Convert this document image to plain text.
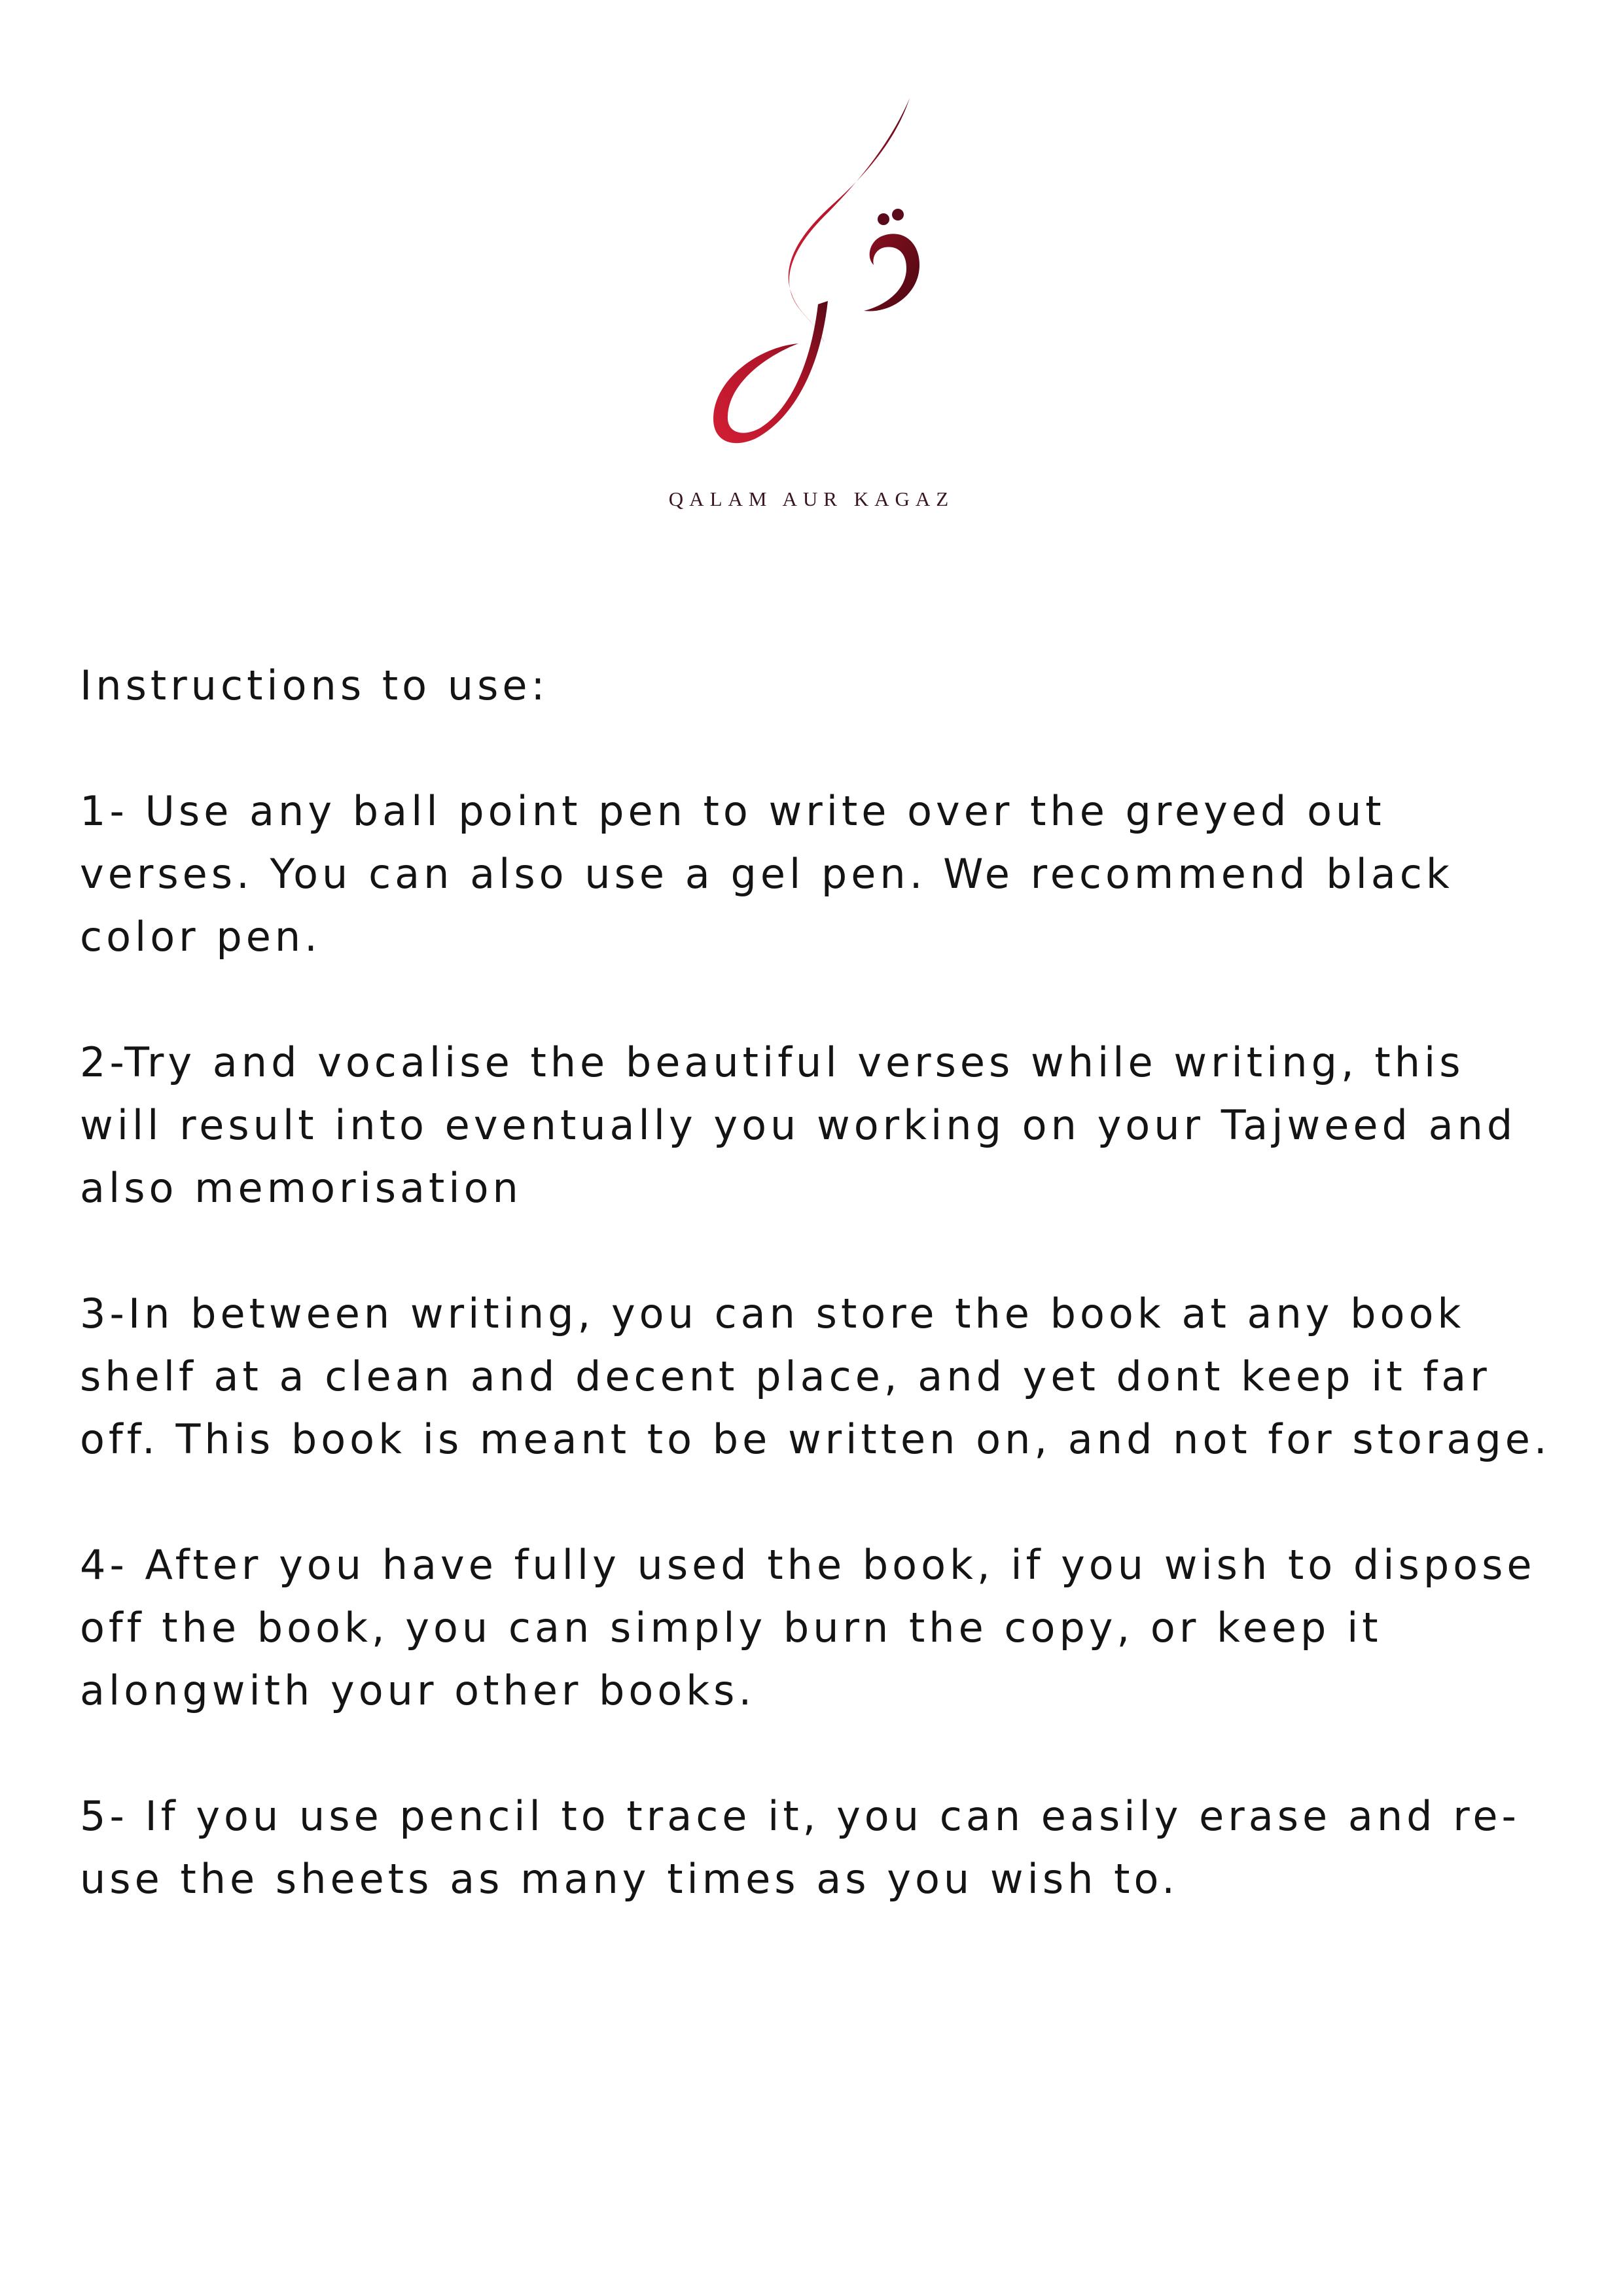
QALAM AUR KAGAZ
Instructions to use:
1- Use any ball point pen to write over the greyed out verses. You can also use a gel pen. We recommend black color pen.
2-Try and vocalise the beautiful verses while writing, this will result into eventually you working on your Tajweed and also memorisation
3-In between writing, you can store the book at any book shelf at a clean and decent place, and yet dont keep it far off. This book is meant to be written on, and not for storage.
4- After you have fully used the book, if you wish to dispose off the book, you can simply burn the copy, or keep it alongwith your other books.
5- If you use pencil to trace it, you can easily erase and re-use the sheets as many times as you wish to.
